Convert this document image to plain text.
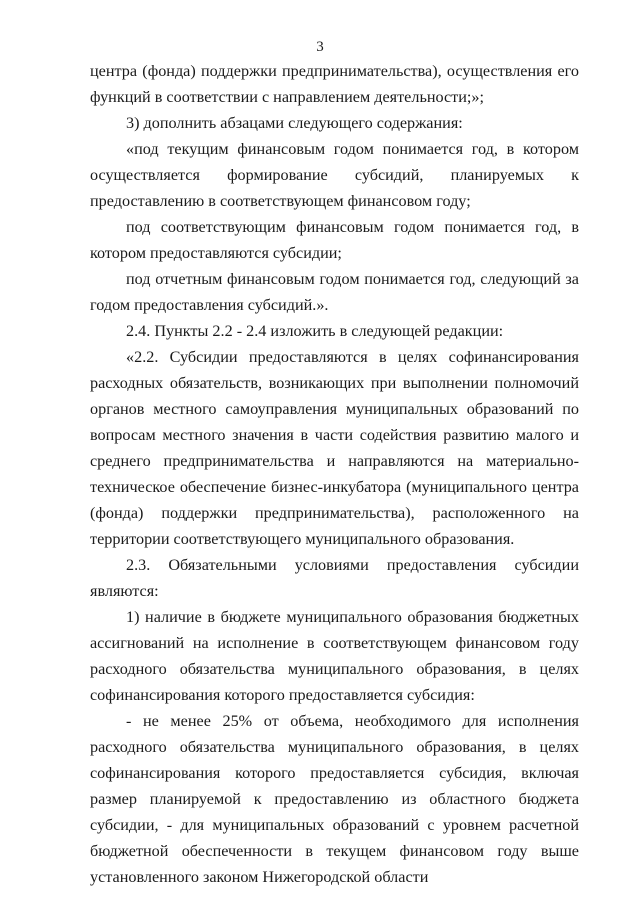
3

центра (фонда) поддержки предпринимательства), осуществления его функций в соответствии с направлением деятельности;»;

3) дополнить абзацами следующего содержания:

«под текущим финансовым годом понимается год, в котором осуществляется формирование субсидий, планируемых к предоставлению в соответствующем финансовом году;

под соответствующим финансовым годом понимается год, в котором предоставляются субсидии;

под отчетным финансовым годом понимается год, следующий за годом предоставления субсидий.».

2.4. Пункты 2.2 - 2.4 изложить в следующей редакции:

«2.2. Субсидии предоставляются в целях софинансирования расходных обязательств, возникающих при выполнении полномочий органов местного самоуправления муниципальных образований по вопросам местного значения в части содействия развитию малого и среднего предпринимательства и направляются на материально-техническое обеспечение бизнес-инкубатора (муниципального центра (фонда) поддержки предпринимательства), расположенного на территории соответствующего муниципального образования.

2.3. Обязательными условиями предоставления субсидии являются:

1) наличие в бюджете муниципального образования бюджетных ассигнований на исполнение в соответствующем финансовом году расходного обязательства муниципального образования, в целях софинансирования которого предоставляется субсидия:

- не менее 25% от объема, необходимого для исполнения расходного обязательства муниципального образования, в целях софинансирования которого предоставляется субсидия, включая размер планируемой к предоставлению из областного бюджета субсидии, - для муниципальных образований с уровнем расчетной бюджетной обеспеченности в текущем финансовом году выше установленного законом Нижегородской области
